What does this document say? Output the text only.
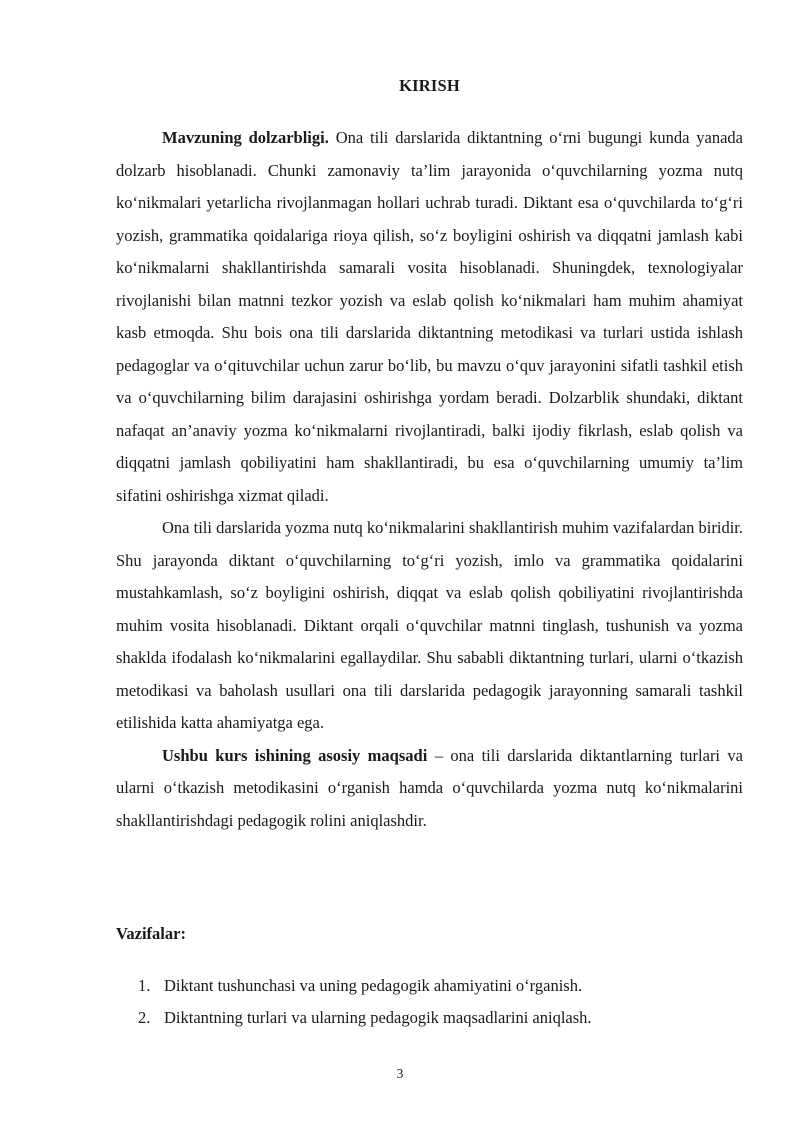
KIRISH

Mavzuning dolzarbligi. Ona tili darslarida diktantning o‘rni bugungi kunda yanada dolzarb hisoblanadi. Chunki zamonaviy ta’lim jarayonida o‘quvchilarning yozma nutq ko‘nikmalari yetarlicha rivojlanmagan hollari uchrab turadi. Diktant esa o‘quvchilarda to‘g‘ri yozish, grammatika qoidalariga rioya qilish, so‘z boyligini oshirish va diqqatni jamlash kabi ko‘nikmalarni shakllantirishda samarali vosita hisoblanadi. Shuningdek, texnologiyalar rivojlanishi bilan matnni tezkor yozish va eslab qolish ko‘nikmalari ham muhim ahamiyat kasb etmoqda. Shu bois ona tili darslarida diktantning metodikasi va turlari ustida ishlash pedagoglar va o‘qituvchilar uchun zarur bo‘lib, bu mavzu o‘quv jarayonini sifatli tashkil etish va o‘quvchilarning bilim darajasini oshirishga yordam beradi. Dolzarblik shundaki, diktant nafaqat an’anaviy yozma ko‘nikmalarni rivojlantiradi, balki ijodiy fikrlash, eslab qolish va diqqatni jamlash qobiliyatini ham shakllantiradi, bu esa o‘quvchilarning umumiy ta’lim sifatini oshirishga xizmat qiladi.

Ona tili darslarida yozma nutq ko‘nikmalarini shakllantirish muhim vazifalardan biridir. Shu jarayonda diktant o‘quvchilarning to‘g‘ri yozish, imlo va grammatika qoidalarini mustahkamlash, so‘z boyligini oshirish, diqqat va eslab qolish qobiliyatini rivojlantirishda muhim vosita hisoblanadi. Diktant orqali o‘quvchilar matnni tinglash, tushunish va yozma shaklda ifodalash ko‘nikmalarini egallaydilar. Shu sababli diktantning turlari, ularni o‘tkazish metodikasi va baholash usullari ona tili darslarida pedagogik jarayonning samarali tashkil etilishida katta ahamiyatga ega.

Ushbu kurs ishining asosiy maqsadi – ona tili darslarida diktantlarning turlari va ularni o‘tkazish metodikasini o‘rganish hamda o‘quvchilarda yozma nutq ko‘nikmalarini shakllantirishdagi pedagogik rolini aniqlashdir.

Vazifalar:
1. Diktant tushunchasi va uning pedagogik ahamiyatini o‘rganish.
2. Diktantning turlari va ularning pedagogik maqsadlarini aniqlash.
3
